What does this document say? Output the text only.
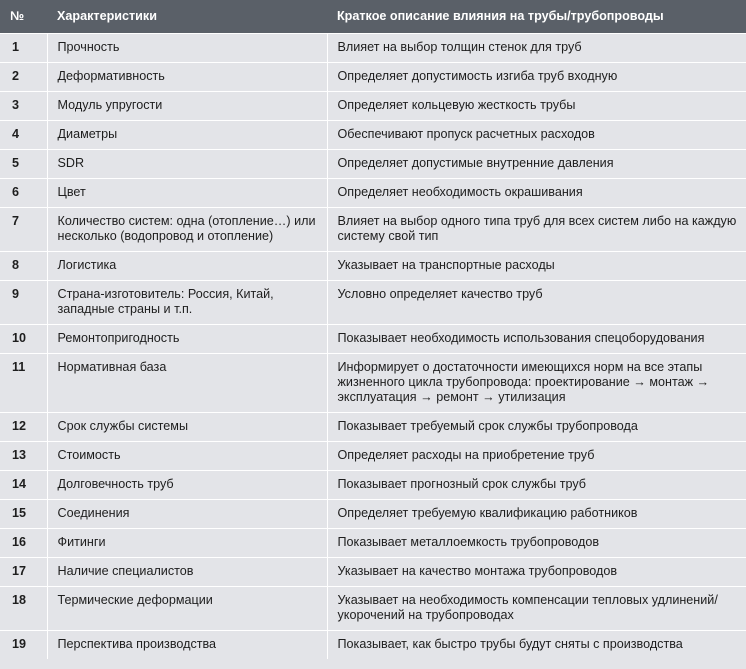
№	Характеристики	Краткое описание влияния на трубы/трубопроводы
1	Прочность	Влияет на выбор толщин стенок для труб
2	Деформативность	Определяет допустимость изгиба труб входную
3	Модуль упругости	Определяет кольцевую жесткость трубы
4	Диаметры	Обеспечивают пропуск расчетных расходов
5	SDR	Определяет допустимые внутренние давления
6	Цвет	Определяет необходимость окрашивания
7	Количество систем: одна (отопление…) или несколько (водопровод и отопление)	Влияет на выбор одного типа труб для всех систем либо на каждую систему свой тип
8	Логистика	Указывает на транспортные расходы
9	Страна-изготовитель: Россия, Китай, западные страны и т.п.	Условно определяет качество труб
10	Ремонтопригодность	Показывает необходимость использования спецоборудования
11	Нормативная база	Информирует о достаточности имеющихся норм на все этапы жизненного цикла трубопровода: проектирование → монтаж → эксплуатация → ремонт → утилизация
12	Срок службы системы	Показывает требуемый срок службы трубопровода
13	Стоимость	Определяет расходы на приобретение труб
14	Долговечность труб	Показывает прогнозный срок службы труб
15	Соединения	Определяет требуемую квалификацию работников
16	Фитинги	Показывает металлоемкость трубопроводов
17	Наличие специалистов	Указывает на качество монтажа трубопроводов
18	Термические деформации	Указывает на необходимость компенсации тепловых удлинений/укорочений на трубопроводах
19	Перспектива производства	Показывает, как быстро трубы будут сняты с производства
